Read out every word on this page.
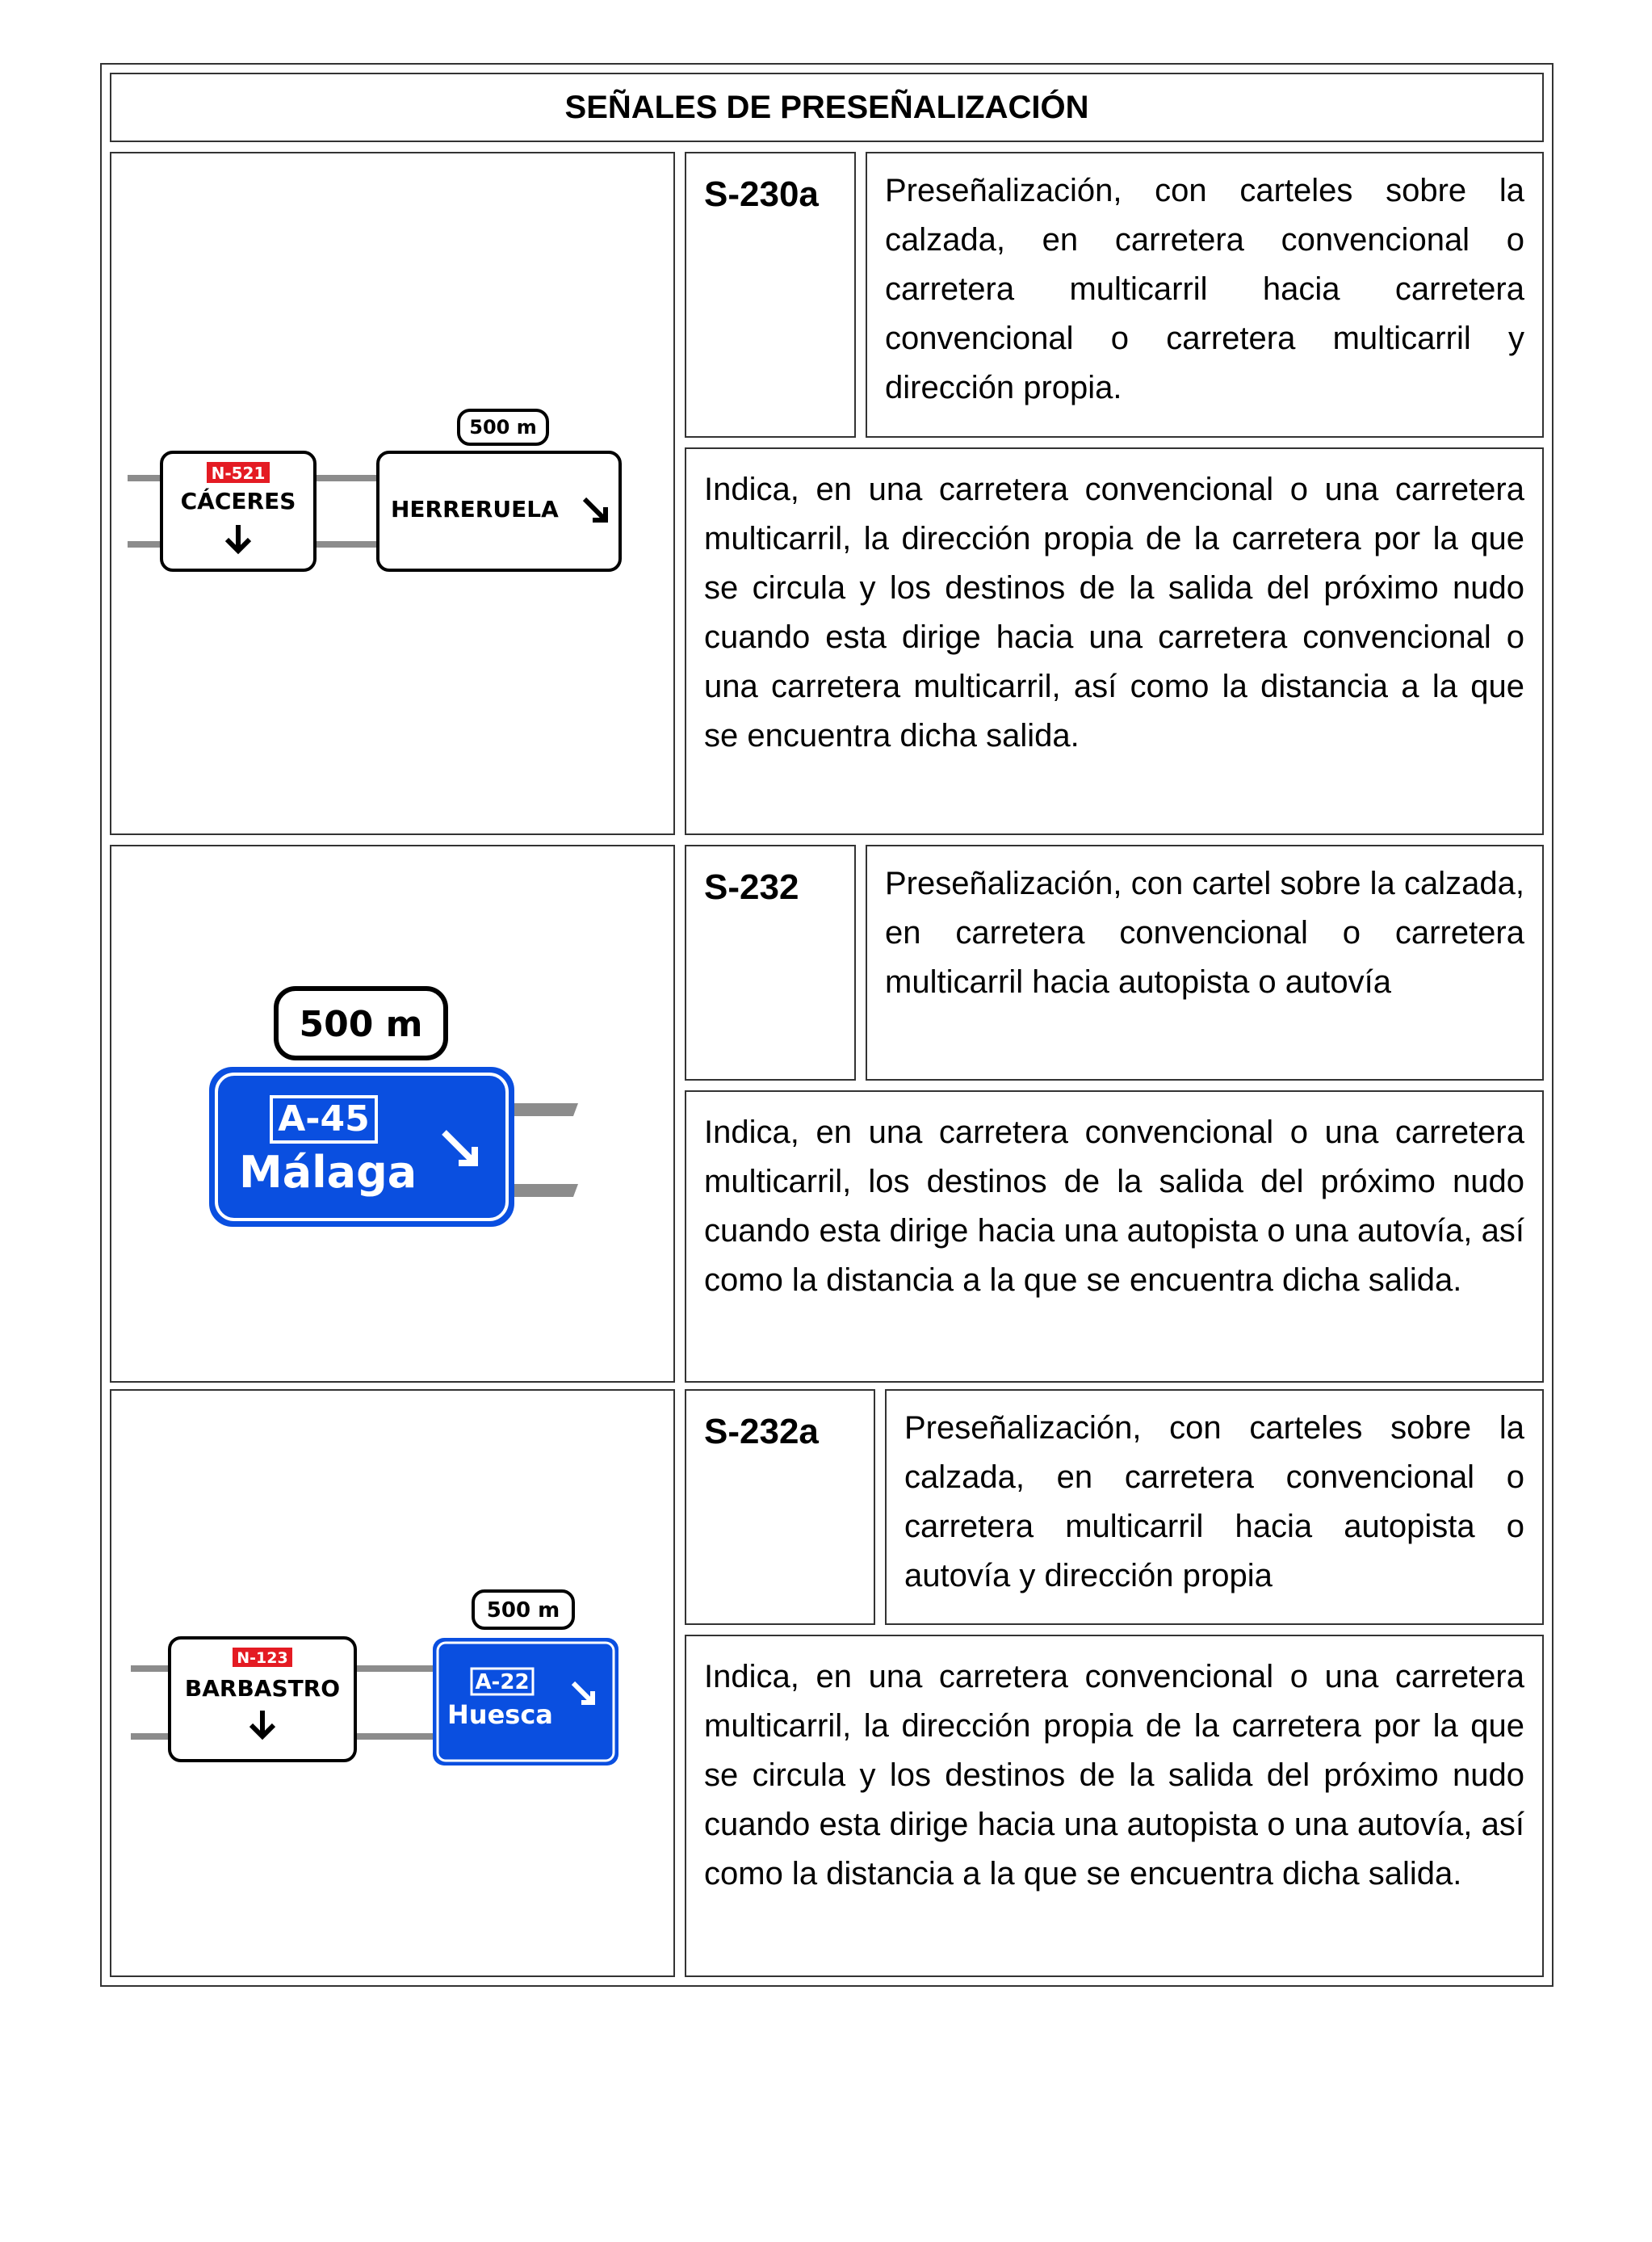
SEÑALES DE PRESEÑALIZACIÓN
500 m
N-521
CÁCERES	HERRERUELA
S-230a	Preseñalización, con carteles sobre la calzada, en carretera convencional o carretera multicarril hacia carretera convencional o carretera multicarril y dirección propia.
Indica, en una carretera convencional o una carretera multicarril, la dirección propia de la carretera por la que se circula y los destinos de la salida del próximo nudo cuando esta dirige hacia una carretera convencional o una carretera multicarril, así como la distancia a la que se encuentra dicha salida.
500 m
A-45
Málaga
S-232	Preseñalización, con cartel sobre la calzada, en carretera convencional o carretera multicarril hacia autopista o autovía
Indica, en una carretera convencional o una carretera multicarril, los destinos de la salida del próximo nudo cuando esta dirige hacia una autopista o una autovía, así como la distancia a la que se encuentra dicha salida.
500 m
N-123
BARBASTRO	A-22
Huesca
S-232a	Preseñalización, con carteles sobre la calzada, en carretera convencional o carretera multicarril hacia autopista o autovía y dirección propia
Indica, en una carretera convencional o una carretera multicarril, la dirección propia de la carretera por la que se circula y los destinos de la salida del próximo nudo cuando esta dirige hacia una autopista o una autovía, así como la distancia a la que se encuentra dicha salida.
